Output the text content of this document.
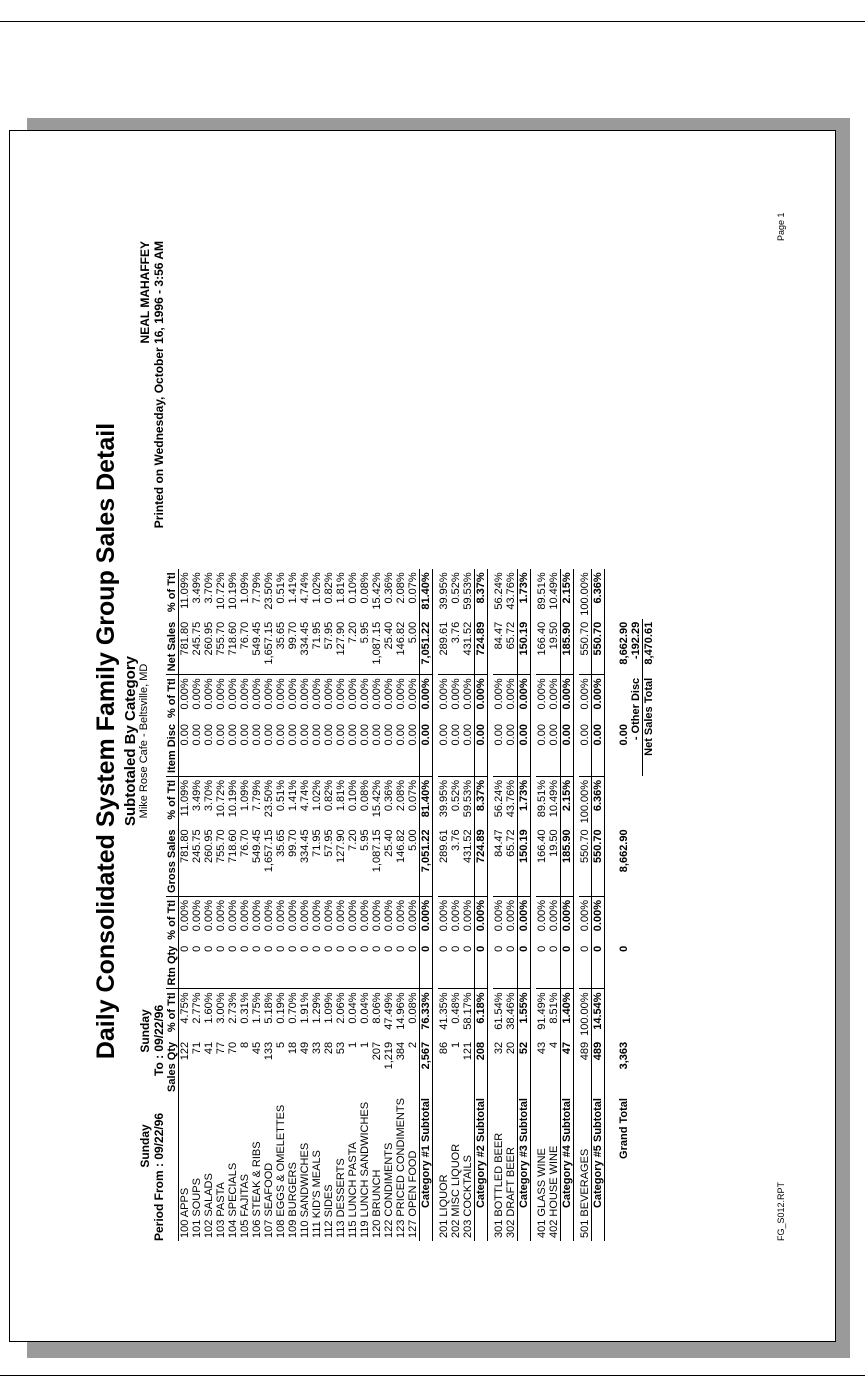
Daily Consolidated System Family Group Sales Detail Subtotaled By Category Mike Rose Cafe - Beltsville, MD
Sunday Period From : 09/22/96
Sunday To : 09/22/96
NEAL MAHAFFEY Printed on Wednesday, October 16, 1996 - 3:56 AM
	Sales Qty	% of Ttl	Rtn Qty	% of Ttl	Gross Sales	% of Ttl	Item Disc	% of Ttl	Net Sales	% of Ttl
100 APPS	122	4.75%	0	0.00%	781.80	11.09%	0.00	0.00%	781.80	11.09%
101 SOUPS	71	2.77%	0	0.00%	245.75	3.49%	0.00	0.00%	245.75	3.49%
102 SALADS	41	1.60%	0	0.00%	260.95	3.70%	0.00	0.00%	260.95	3.70%
103 PASTA	77	3.00%	0	0.00%	755.70	10.72%	0.00	0.00%	755.70	10.72%
104 SPECIALS	70	2.73%	0	0.00%	718.60	10.19%	0.00	0.00%	718.60	10.19%
105 FAJITAS	8	0.31%	0	0.00%	76.70	1.09%	0.00	0.00%	76.70	1.09%
106 STEAK & RIBS	45	1.75%	0	0.00%	549.45	7.79%	0.00	0.00%	549.45	7.79%
107 SEAFOOD	133	5.18%	0	0.00%	1,657.15	23.50%	0.00	0.00%	1,657.15	23.50%
108 EGGS & OMELETTES	5	0.19%	0	0.00%	35.65	0.51%	0.00	0.00%	35.65	0.51%
109 BURGERS	18	0.70%	0	0.00%	99.70	1.41%	0.00	0.00%	99.70	1.41%
110 SANDWICHES	49	1.91%	0	0.00%	334.45	4.74%	0.00	0.00%	334.45	4.74%
111 KID'S MEALS	33	1.29%	0	0.00%	71.95	1.02%	0.00	0.00%	71.95	1.02%
112 SIDES	28	1.09%	0	0.00%	57.95	0.82%	0.00	0.00%	57.95	0.82%
113 DESSERTS	53	2.06%	0	0.00%	127.90	1.81%	0.00	0.00%	127.90	1.81%
115 LUNCH PASTA	1	0.04%	0	0.00%	7.20	0.10%	0.00	0.00%	7.20	0.10%
119 LUNCH SANDWICHES	1	0.04%	0	0.00%	5.95	0.08%	0.00	0.00%	5.95	0.08%
120 BRUNCH	207	8.06%	0	0.00%	1,087.15	15.42%	0.00	0.00%	1,087.15	15.42%
122 CONDIMENTS	1,219	47.49%	0	0.00%	25.40	0.36%	0.00	0.00%	25.40	0.36%
123 PRICED CONDIMENTS	384	14.96%	0	0.00%	146.82	2.08%	0.00	0.00%	146.82	2.08%
127 OPEN FOOD	2	0.08%	0	0.00%	5.00	0.07%	0.00	0.00%	5.00	0.07%
Category #1 Subtotal	2,567	76.33%	0	0.00%	7,051.22	81.40%	0.00	0.00%	7,051.22	81.40%

201 LIQUOR	86	41.35%	0	0.00%	289.61	39.95%	0.00	0.00%	289.61	39.95%
202 MISC LIQUOR	1	0.48%	0	0.00%	3.76	0.52%	0.00	0.00%	3.76	0.52%
203 COCKTAILS	121	58.17%	0	0.00%	431.52	59.53%	0.00	0.00%	431.52	59.53%
Category #2 Subtotal	208	6.18%	0	0.00%	724.89	8.37%	0.00	0.00%	724.89	8.37%

301 BOTTLED BEER	32	61.54%	0	0.00%	84.47	56.24%	0.00	0.00%	84.47	56.24%
302 DRAFT BEER	20	38.46%	0	0.00%	65.72	43.76%	0.00	0.00%	65.72	43.76%
Category #3 Subtotal	52	1.55%	0	0.00%	150.19	1.73%	0.00	0.00%	150.19	1.73%

401 GLASS WINE	43	91.49%	0	0.00%	166.40	89.51%	0.00	0.00%	166.40	89.51%
402 HOUSE WINE	4	8.51%	0	0.00%	19.50	10.49%	0.00	0.00%	19.50	10.49%
Category #4 Subtotal	47	1.40%	0	0.00%	185.90	2.15%	0.00	0.00%	185.90	2.15%

501 BEVERAGES	489	100.00%	0	0.00%	550.70	100.00%	0.00	0.00%	550.70	100.00%
Category #5 Subtotal	489	14.54%	0	0.00%	550.70	6.36%	0.00	0.00%	550.70	6.36%

Grand Total	3,363		0		8,662.90		0.00		8,662.90	
							- Other Disc		-192.29	
							Net Sales Total		8,470.61	
FG_S012.RPT
Page 1
